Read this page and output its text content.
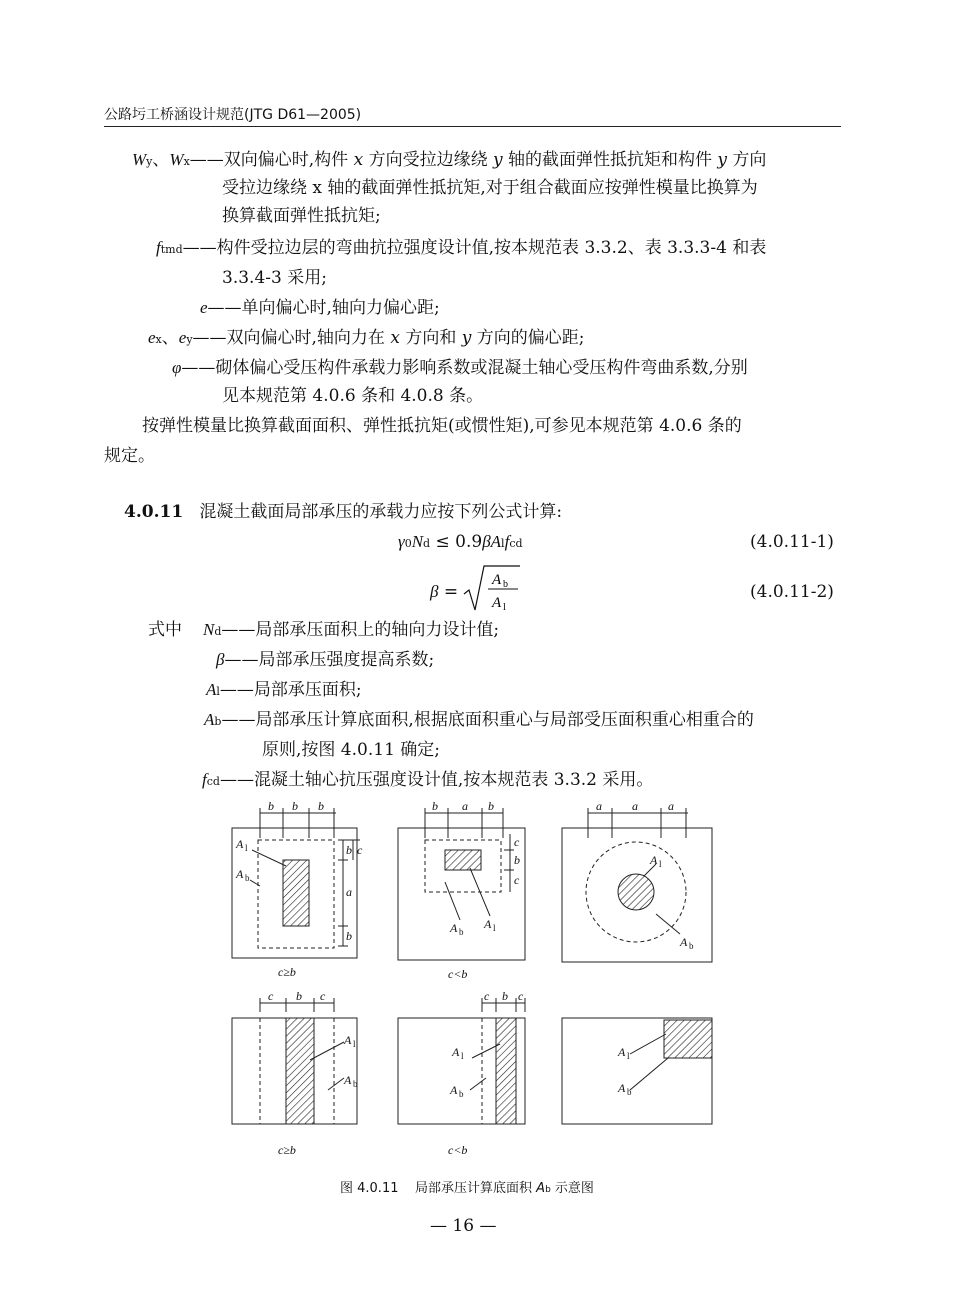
公路圬工桥涵设计规范(JTG D61—2005)
Wy、Wx——双向偏心时,构件 x 方向受拉边缘绕 y 轴的截面弹性抵抗矩和构件 y 方向
受拉边缘绕 x 轴的截面弹性抵抗矩,对于组合截面应按弹性模量比换算为
换算截面弹性抵抗矩;
ftmd——构件受拉边层的弯曲抗拉强度设计值,按本规范表 3.3.2、表 3.3.3-4 和表
3.3.4-3 采用;
e——单向偏心时,轴向力偏心距;
ex、ey——双向偏心时,轴向力在 x 方向和 y 方向的偏心距;
φ——砌体偏心受压构件承载力影响系数或混凝土轴心受压构件弯曲系数,分别
见本规范第 4.0.6 条和 4.0.8 条。
按弹性模量比换算截面面积、弹性抵抗矩(或惯性矩),可参见本规范第 4.0.6 条的
规定。
4.0.11 混凝土截面局部承压的承载力应按下列公式计算:
γ0Nd ≤ 0.9βAlfcd	(4.0.11-1)
β =
A b
A l
(4.0.11-2)
式中 Nd——局部承压面积上的轴向力设计值;
β——局部承压强度提高系数;
Al——局部承压面积;
Ab——局部承压计算底面积,根据底面积重心与局部受压面积重心相重合的
原则,按图 4.0.11 确定;
fcd——混凝土轴心抗压强度设计值,按本规范表 3.3.2 采用。
b b b
A l
A b
b c
a
b
c≥b
b a b
c
b
c
A b
A l
c<b
a	a	a
A l
A b
c b c
A l
A b
c≥b
c b c
A l
A b
c<b
A l
A b
图 4.0.11    局部承压计算底面积 Ab 示意图
— 16 —
